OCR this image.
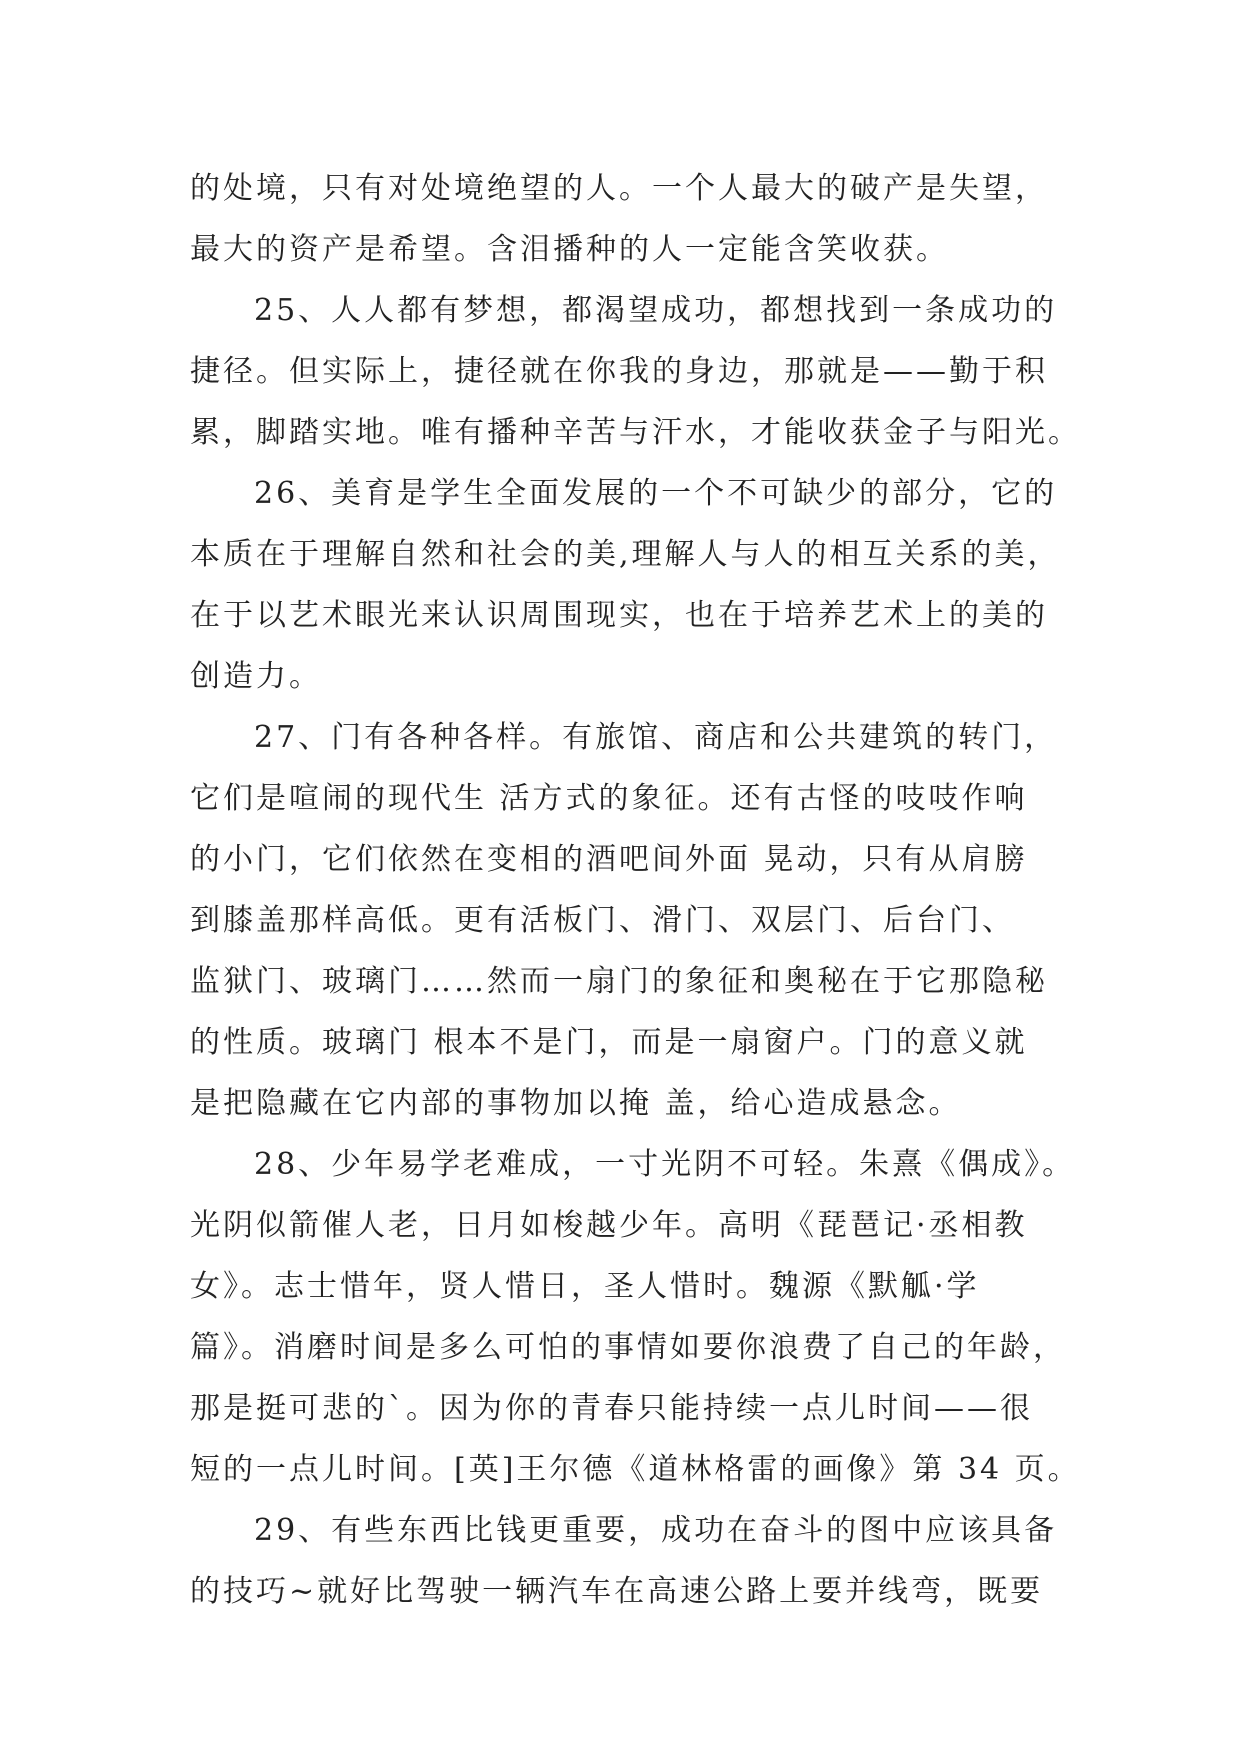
的处境，只有对处境绝望的人。一个人最大的破产是失望，
最大的资产是希望。含泪播种的人一定能含笑收获。
25、人人都有梦想，都渴望成功，都想找到一条成功的
捷径。但实际上，捷径就在你我的身边，那就是——勤于积
累，脚踏实地。唯有播种辛苦与汗水，才能收获金子与阳光。
26、美育是学生全面发展的一个不可缺少的部分，它的
本质在于理解自然和社会的美,理解人与人的相互关系的美，
在于以艺术眼光来认识周围现实，也在于培养艺术上的美的
创造力。
27、门有各种各样。有旅馆、商店和公共建筑的转门，
它们是喧闹的现代生 活方式的象征。还有古怪的吱吱作响
的小门，它们依然在变相的酒吧间外面 晃动，只有从肩膀
到膝盖那样高低。更有活板门、滑门、双层门、后台门、
监狱门、玻璃门……然而一扇门的象征和奥秘在于它那隐秘
的性质。玻璃门 根本不是门，而是一扇窗户。门的意义就
是把隐藏在它内部的事物加以掩 盖，给心造成悬念。
28、少年易学老难成，一寸光阴不可轻。朱熹《偶成》。
光阴似箭催人老，日月如梭越少年。高明《琵琶记·丞相教
女》。志士惜年，贤人惜日，圣人惜时。魏源《默觚·学
篇》。消磨时间是多么可怕的事情如要你浪费了自己的年龄，
那是挺可悲的`。因为你的青春只能持续一点儿时间——很
短的一点儿时间。[英]王尔德《道林格雷的画像》第 34 页。
29、有些东西比钱更重要，成功在奋斗的图中应该具备
的技巧~就好比驾驶一辆汽车在高速公路上要并线弯，既要
